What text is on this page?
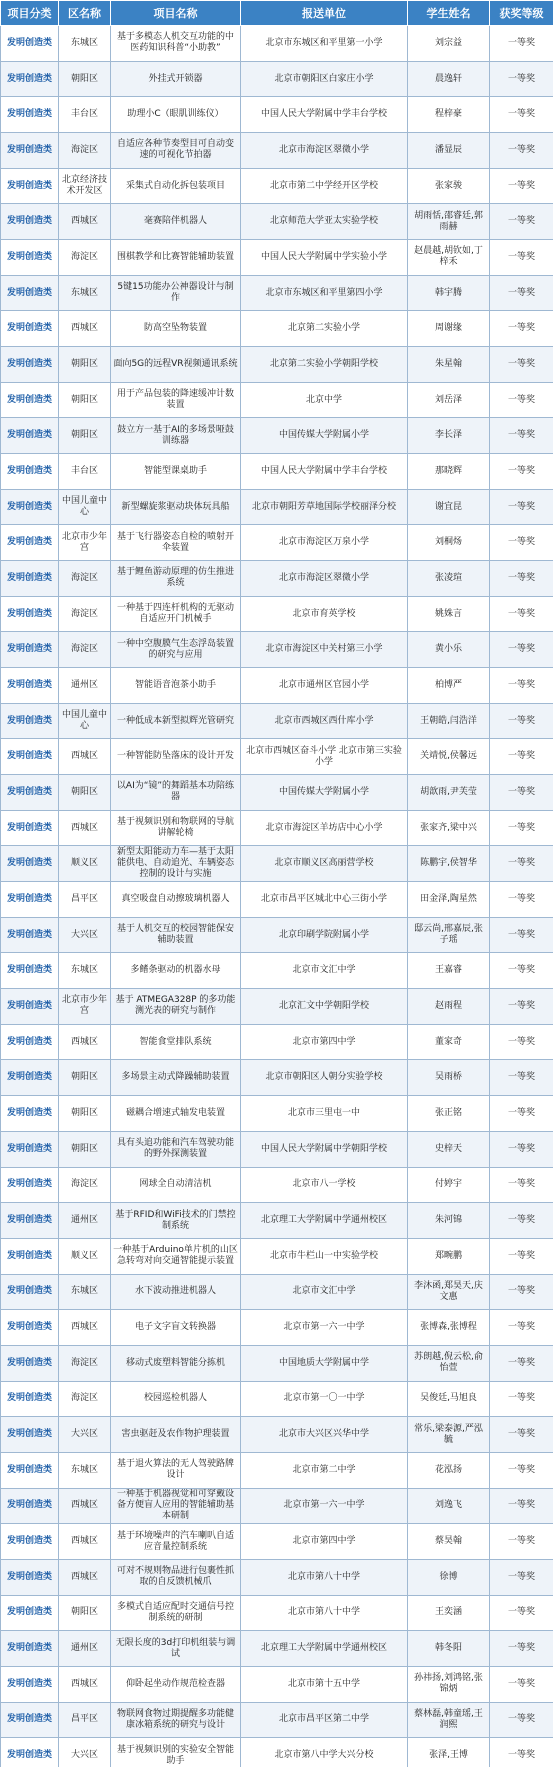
项目分类	区名称	项目名称	报送单位	学生姓名	获奖等级
发明创造类	东城区	基于多模态人机交互功能的中医药知识科普“小助教”	北京市东城区和平里第一小学	刘宗益	一等奖
发明创造类	朝阳区	外挂式开锁器	北京市朝阳区白家庄小学	晨逸轩	一等奖
发明创造类	丰台区	助理小C（眼肌训练仪）	中国人民大学附属中学丰台学校	程梓豪	一等奖
发明创造类	海淀区	自适应各种节奏型目可自动变速的可视化节拍器	北京市海淀区翠微小学	潘显辰	一等奖
发明创造类	北京经济技术开发区	采集式自动化拆包装项目	北京市第二中学经开区学校	张家骏	一等奖
发明创造类	西城区	毫赛陪伴机器人	北京师范大学亚太实验学校	胡雨恬,邵睿廷,郭雨赫	一等奖
发明创造类	海淀区	围棋教学和比赛智能辅助装置	中国人民大学附属中学实验小学	赵晨越,胡钦如,丁梓禾	一等奖
发明创造类	东城区	5键15功能办公神器设计与制作	北京市东城区和平里第四小学	韩宇腾	一等奖
发明创造类	西城区	防高空坠物装置	北京第二实验小学	周谢缘	一等奖
发明创造类	朝阳区	面向5G的远程VR视频通讯系统	北京第二实验小学朝阳学校	朱星翰	一等奖
发明创造类	朝阳区	用于产品包装的降速缓冲计数装置	北京中学	刘岳泽	一等奖
发明创造类	朝阳区	鼓立方一基于AI的多场景哑鼓训练器	中国传媒大学附属小学	李长泽	一等奖
发明创造类	丰台区	智能型课桌助手	中国人民大学附属中学丰台学校	那晓辉	一等奖
发明创造类	中国儿童中心	新型螺旋浆驱动块体玩具船	北京市朝阳芳草地国际学校丽泽分校	谢宜昆	一等奖
发明创造类	北京市少年宫	基于飞行器姿态自检的喷射开伞装置	北京市海淀区万泉小学	刘桐炀	一等奖
发明创造类	海淀区	基于鲤鱼游动原理的仿生推进系统	北京市海淀区翠微小学	张凌瑄	一等奖
发明创造类	海淀区	一种基于四连杆机构的无驱动自适应开门机械手	北京市育英学校	姚姝言	一等奖
发明创造类	海淀区	一种中空腹膜气生态浮岛装置的研究与应用	北京市海淀区中关村第三小学	黄小乐	一等奖
发明创造类	通州区	智能语音泡茶小助手	北京市通州区官园小学	柏博严	一等奖
发明创造类	中国儿童中心	一种低成本新型拟辉光管研究	北京市西城区西什库小学	王朝皓,闫浩洋	一等奖
发明创造类	西城区	一种智能防坠落床的设计开发	北京市西城区奋斗小学 北京市第三实验小学	关靖悦,侯馨远	一等奖
发明创造类	朝阳区	以AI为“镜”的舞蹈基本功陪练器	中国传媒大学附属小学	胡歆雨,尹芙莹	一等奖
发明创造类	西城区	基于视频识别和物联网的导航讲解轮椅	北京市海淀区羊坊店中心小学	张家齐,梁中兴	一等奖
发明创造类	顺义区	新型太阳能动力车—基于太阳能供电、自动追光、车辆姿态控制的设计与实施	北京市顺义区高丽营学校	陈鹏宇,侯智华	一等奖
发明创造类	昌平区	真空吸盘自动擦玻璃机器人	北京市昌平区城北中心三街小学	田金泽,陶星然	一等奖
发明创造类	大兴区	基于人机交互的校园智能保安辅助装置	北京印刷学院附属小学	邸云尚,邢嘉辰,张子瑶	一等奖
发明创造类	东城区	多鳍条驱动的机器水母	北京市文汇中学	王嘉睿	一等奖
发明创造类	北京市少年宫	基于 ATMEGA328P 的多功能测光表的研究与制作	北京汇文中学朝阳学校	赵雨程	一等奖
发明创造类	西城区	智能食堂排队系统	北京市第四中学	董家奇	一等奖
发明创造类	朝阳区	多场景主动式降躁辅助装置	北京市朝阳区人朝分实验学校	吴雨桥	一等奖
发明创造类	朝阳区	磁耦合增速式轴发电装置	北京市三里屯一中	张正铭	一等奖
发明创造类	朝阳区	具有头追功能和汽车驾驶功能的野外探测装置	中国人民大学附属中学朝阳学校	史梓天	一等奖
发明创造类	海淀区	网球全自动清洁机	北京市八一学校	付婷宇	一等奖
发明创造类	通州区	基于RFID和WiFi技术的门禁控制系统	北京理工大学附属中学通州校区	朱河锦	一等奖
发明创造类	顺义区	一种基于Arduino单片机的山区急转弯对向交通智能提示装置	北京市牛栏山一中实验学校	郑畹鹏	一等奖
发明创造类	东城区	水下波动推进机器人	北京市文汇中学	李沐函,郑昊天,庆文惠	一等奖
发明创造类	西城区	电子文字盲文转换器	北京市第一六一中学	张博森,张博程	一等奖
发明创造类	海淀区	移动式废塑料智能分拣机	中国地质大学附属中学	苏朗越,倪云松,俞怡萱	一等奖
发明创造类	海淀区	校园巡检机器人	北京市第一〇一中学	吴俊廷,马旭良	一等奖
发明创造类	大兴区	害虫驱赶及农作物护理装置	北京市大兴区兴华中学	常乐,梁泰源,严泓毓	一等奖
发明创造类	东城区	基于退火算法的无人驾驶路牌设计	北京市第二中学	花泓扬	一等奖
发明创造类	西城区	一种基于机器视觉和可穿戴设备方便盲人应用的智能辅助基本研制	北京市第一六一中学	刘逸飞	一等奖
发明创造类	西城区	基于环境噪声的汽车喇叭自适应音量控制系统	北京市第四中学	蔡昊翰	一等奖
发明创造类	西城区	可对不规则物品进行包裹性抓取的自反馈机械爪	北京市第八十中学	徐博	一等奖
发明创造类	朝阳区	多模式自适应配时交通信号控制系统的研制	北京市第八十中学	王奕涵	一等奖
发明创造类	通州区	无限长度的3d打印机组装与调试	北京理工大学附属中学通州校区	韩冬阳	一等奖
发明创造类	西城区	仰卧起坐动作规范检查器	北京市第十五中学	孙祎扬,刘鸿铭,张锦炳	一等奖
发明创造类	昌平区	物联网食物过期提醒多功能健康冰箱系统的研究与设计	北京市昌平区第二中学	蔡林磊,韩童瑶,王润熙	一等奖
发明创造类	大兴区	基于视频识别的实验安全智能助手	北京市第八中学大兴分校	张泽,王博	一等奖
